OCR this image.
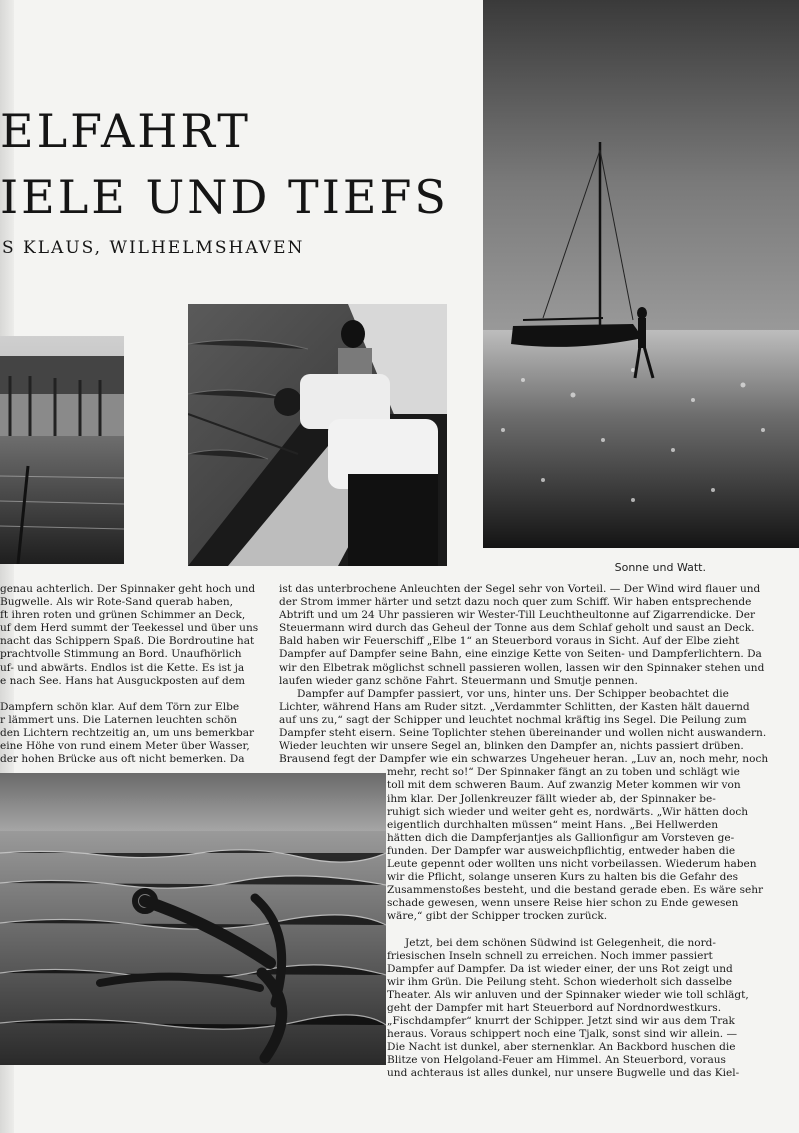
ELFAHRT
IELE UND TIEFS
S KLAUS, WILHELMSHAVEN
Sonne und Watt.
genau achterlich. Der Spinnaker geht hoch und
Bugwelle. Als wir Rote-Sand querab haben,
ft ihren roten und grünen Schimmer an Deck,
uf dem Herd summt der Teekessel und über uns
nacht das Schippern Spaß. Die Bordroutine hat
prachtvolle Stimmung an Bord. Unaufhörlich
uf- und abwärts. Endlos ist die Kette. Es ist ja
e nach See. Hans hat Ausguckposten auf dem

Dampfern schön klar. Auf dem Törn zur Elbe
r lämmert uns. Die Laternen leuchten schön
den Lichtern rechtzeitig an, um uns bemerkbar
eine Höhe von rund einem Meter über Wasser,
der hohen Brücke aus oft nicht bemerken. Da
ist das unterbrochene Anleuchten der Segel sehr von Vorteil. — Der Wind wird flauer und
der Strom immer härter und setzt dazu noch quer zum Schiff. Wir haben entsprechende
Abtrift und um 24 Uhr passieren wir Wester-Till Leuchtheultonne auf Zigarrendicke. Der
Steuermann wird durch das Geheul der Tonne aus dem Schlaf geholt und saust an Deck.
Bald haben wir Feuerschiff „Elbe 1“ an Steuerbord voraus in Sicht. Auf der Elbe zieht
Dampfer auf Dampfer seine Bahn, eine einzige Kette von Seiten- und Dampferlichtern. Da
wir den Elbetrak möglichst schnell passieren wollen, lassen wir den Spinnaker stehen und
laufen wieder ganz schöne Fahrt. Steuermann und Smutje pennen.
Dampfer auf Dampfer passiert, vor uns, hinter uns. Der Schipper beobachtet die
Lichter, während Hans am Ruder sitzt. „Verdammter Schlitten, der Kasten hält dauernd
auf uns zu,“ sagt der Schipper und leuchtet nochmal kräftig ins Segel. Die Peilung zum
Dampfer steht eisern. Seine Toplichter stehen übereinander und wollen nicht auswandern.
Wieder leuchten wir unsere Segel an, blinken den Dampfer an, nichts passiert drüben.
Brausend fegt der Dampfer wie ein schwarzes Ungeheuer heran. „Luv an, noch mehr, noch
mehr, recht so!“ Der Spinnaker fängt an zu toben und schlägt wie
toll mit dem schweren Baum. Auf zwanzig Meter kommen wir von
ihm klar. Der Jollenkreuzer fällt wieder ab, der Spinnaker be-
ruhigt sich wieder und weiter geht es, nordwärts. „Wir hätten doch
eigentlich durchhalten müssen“ meint Hans. „Bei Hellwerden
hätten dich die Dampferjantjes als Gallionfigur am Vorsteven ge-
funden. Der Dampfer war ausweichpflichtig, entweder haben die
Leute gepennt oder wollten uns nicht vorbeilassen. Wiederum haben
wir die Pflicht, solange unseren Kurs zu halten bis die Gefahr des
Zusammenstoßes besteht, und die bestand gerade eben. Es wäre sehr
schade gewesen, wenn unsere Reise hier schon zu Ende gewesen
wäre,“ gibt der Schipper trocken zurück.

Jetzt, bei dem schönen Südwind ist Gelegenheit, die nord-
friesischen Inseln schnell zu erreichen. Noch immer passiert
Dampfer auf Dampfer. Da ist wieder einer, der uns Rot zeigt und
wir ihm Grün. Die Peilung steht. Schon wiederholt sich dasselbe
Theater. Als wir anluven und der Spinnaker wieder wie toll schlägt,
geht der Dampfer mit hart Steuerbord auf Nordnordwestkurs.
„Fischdampfer“ knurrt der Schipper. Jetzt sind wir aus dem Trak
heraus. Voraus schippert noch eine Tjalk, sonst sind wir allein. —
Die Nacht ist dunkel, aber sternenklar. An Backbord huschen die
Blitze von Helgoland-Feuer am Himmel. An Steuerbord, voraus
und achteraus ist alles dunkel, nur unsere Bugwelle und das Kiel-
